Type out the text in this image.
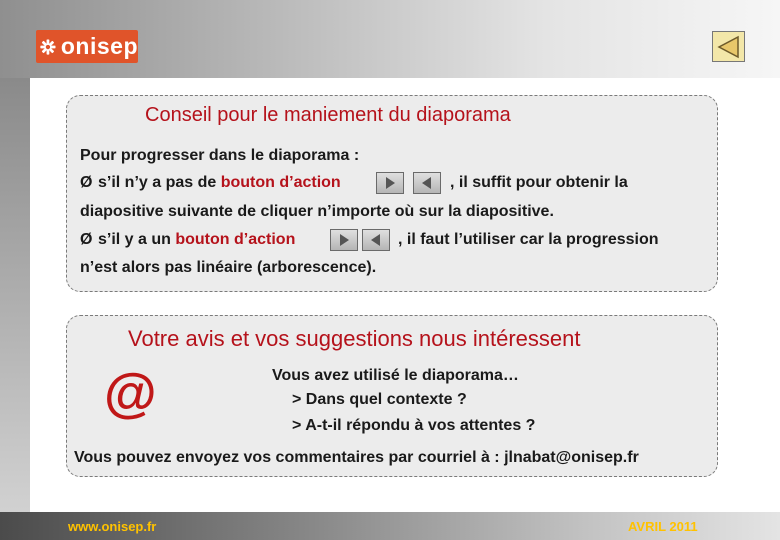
onisep
Conseil pour le maniement du diaporama
Pour progresser dans le diaporama :
Ø s’il n’y a pas de bouton d’action	, il suffit pour obtenir la
diapositive suivante de cliquer n’importe où sur la diapositive.
Ø s’il y a un bouton d’action	, il faut l’utiliser car la progression
n’est alors pas linéaire (arborescence).
Votre avis et vos suggestions nous intéressent
@	Vous avez utilisé le diaporama…
> Dans quel contexte ?
> A-t-il répondu à vos attentes ?
Vous pouvez envoyez vos commentaires par courriel à : jlnabat@onisep.fr
www.onisep.fr	AVRIL 2011
